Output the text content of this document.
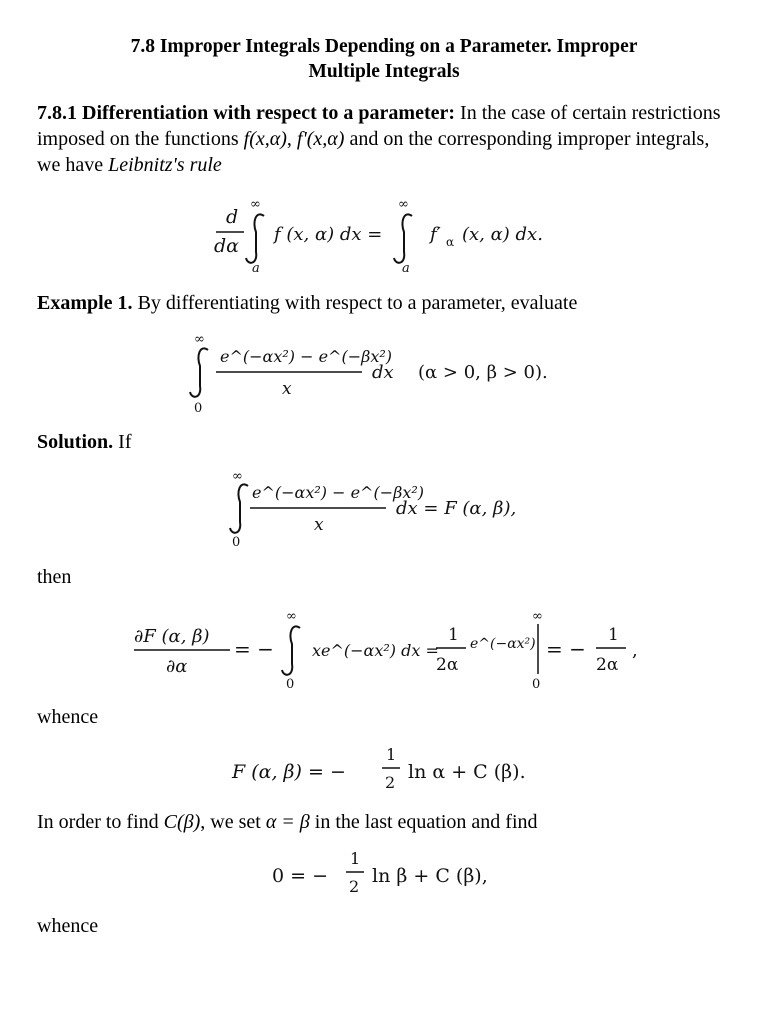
7.8 Improper Integrals Depending on a Parameter. Improper
Multiple Integrals
7.8.1 Differentiation with respect to a parameter: In the case of certain restrictions imposed on the functions f(x,α), f'(x,α) and on the corresponding improper integrals, we have Leibnitz's rule
d
dα
∞
a
f (x, α) dx =
∞
a
f′ α (x, α) dx.
Example 1. By differentiating with respect to a parameter, evaluate
∞
0
e^(−αx²) − e^(−βx²)
x
dx (α > 0, β > 0).
Solution. If
∞
0
e^(−αx²) − e^(−βx²)
x
dx = F (α, β),
then
∂F (α, β)
∂α
= −
∞
0
xe^(−αx²) dx =
1
2α
e^(−αx²)
∞
0
= −
1
2α
,
whence
F (α, β) = −
1
2 ln α + C (β).
In order to find C(β), we set α = β in the last equation and find
0 = −
1
2 ln β + C (β),
whence
